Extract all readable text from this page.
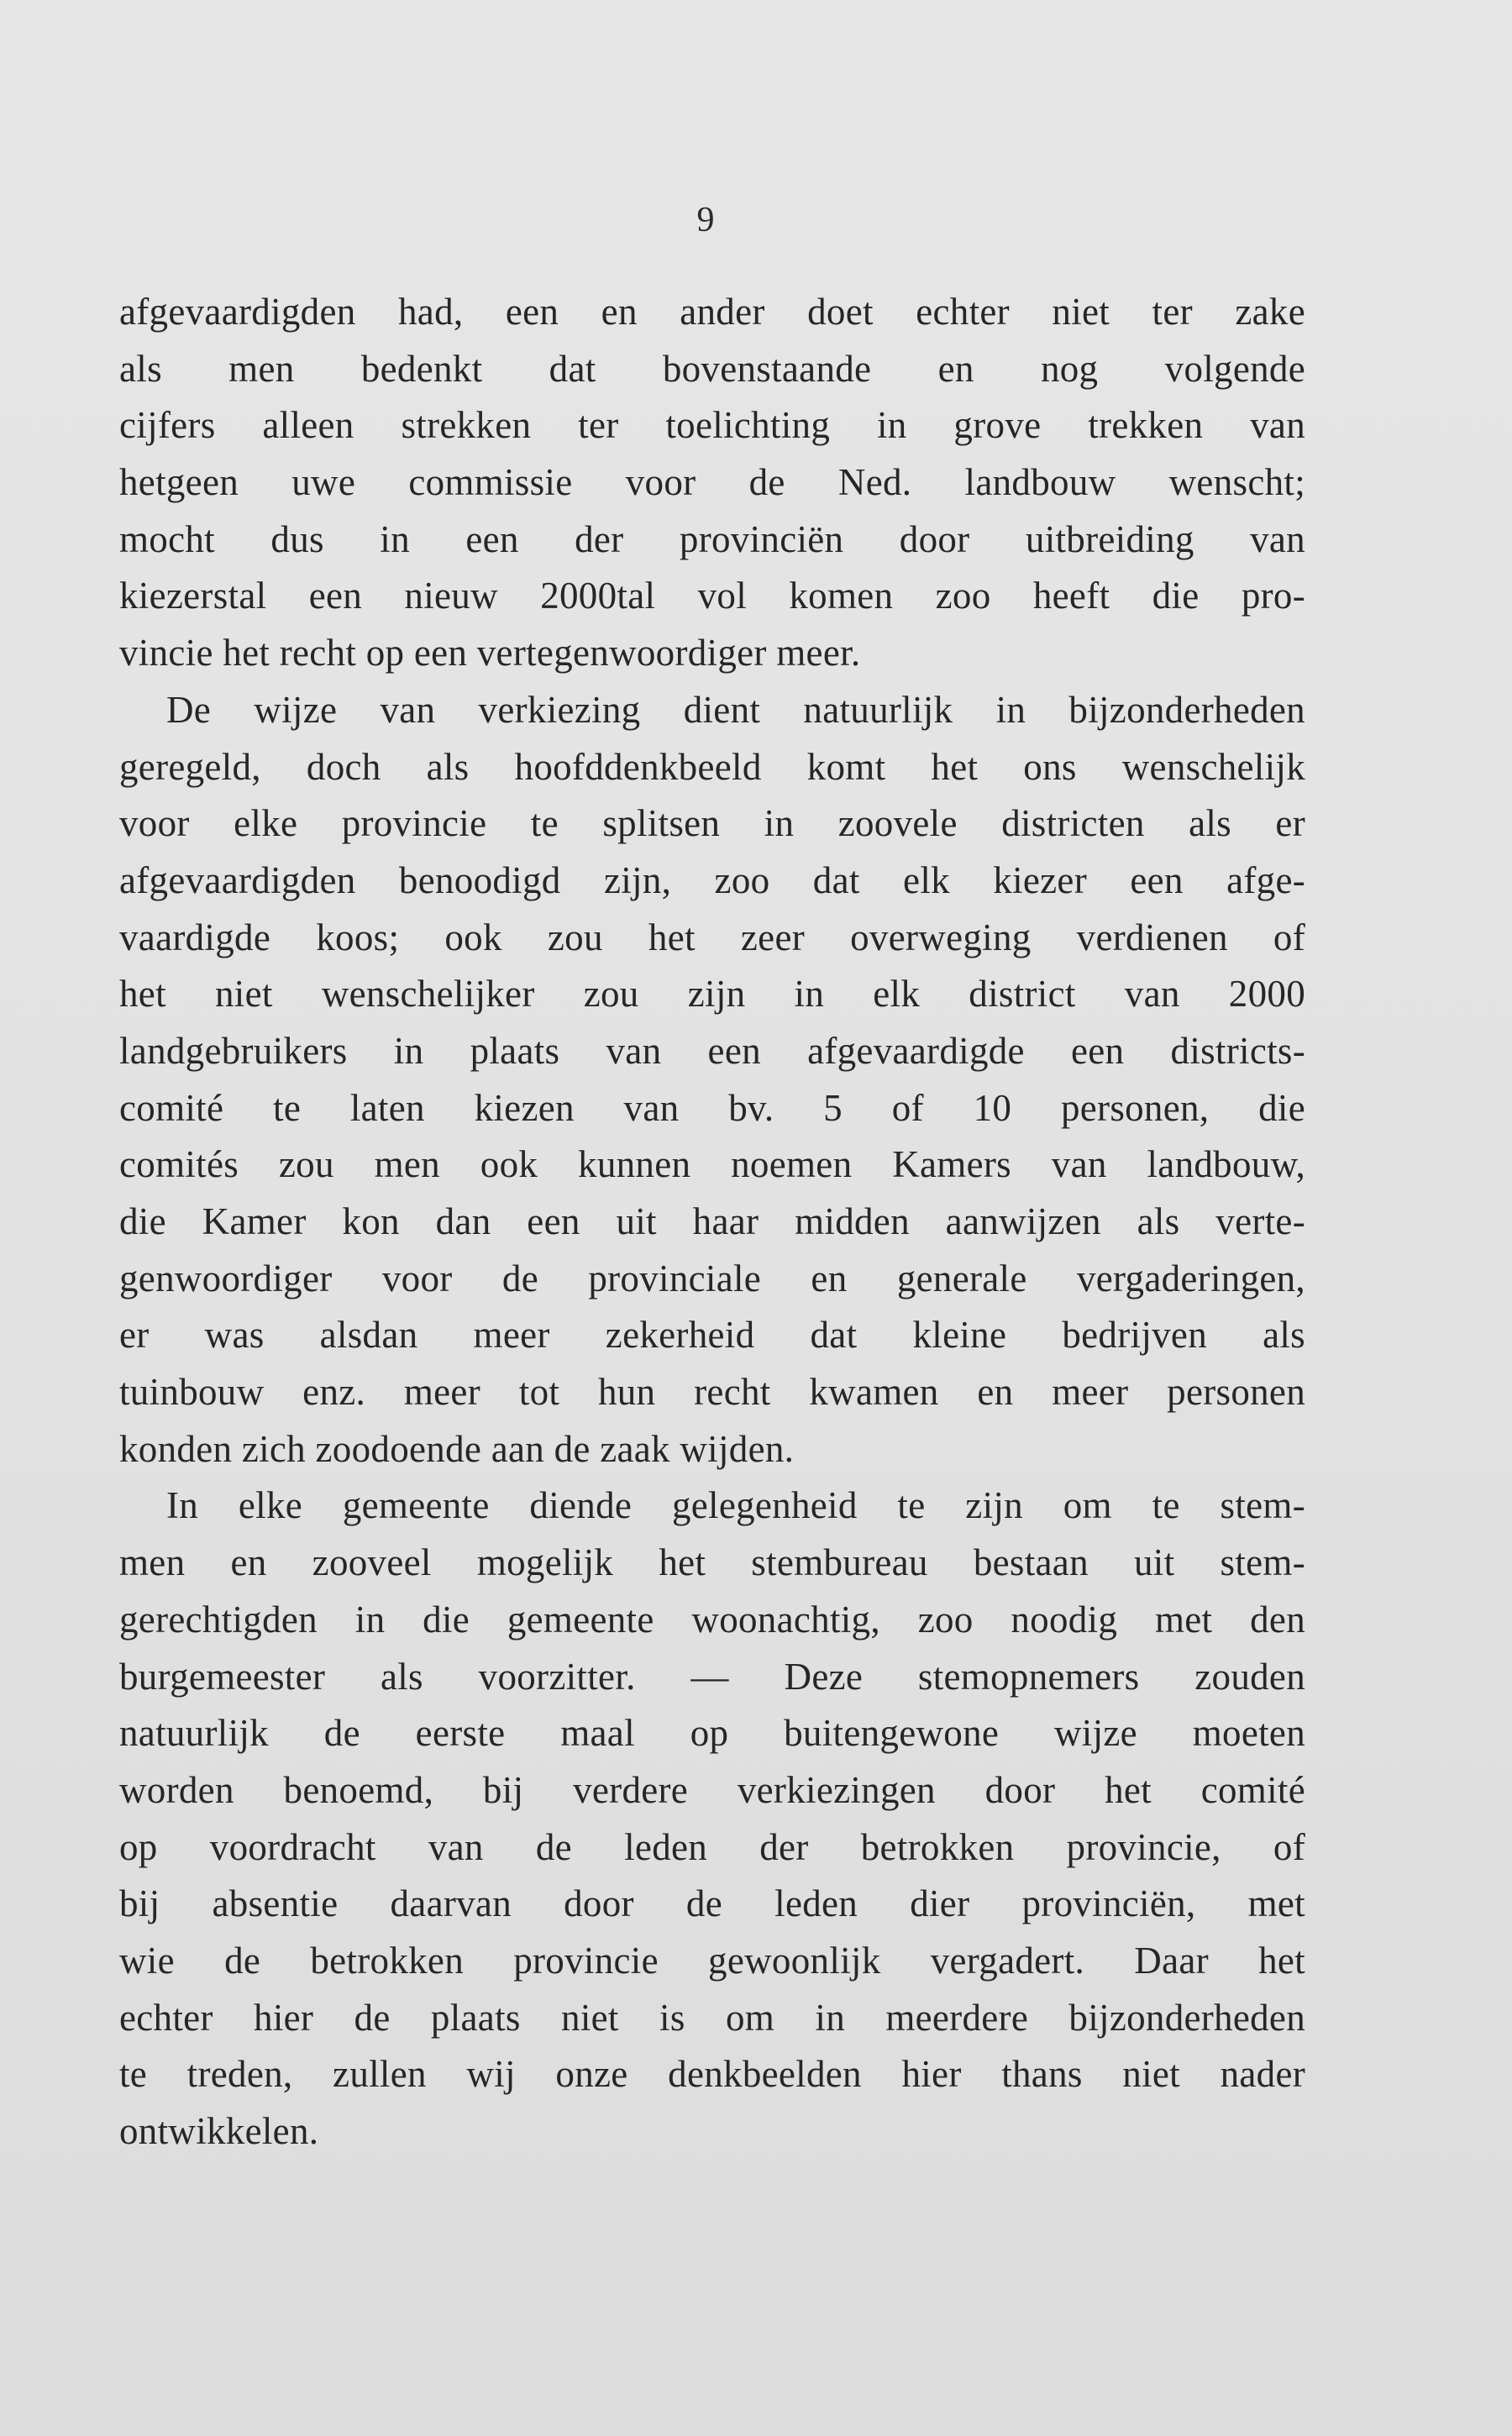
9
afgevaardigden had, een en ander doet echter niet ter zake
als men bedenkt dat bovenstaande en nog volgende
cijfers alleen strekken ter toelichting in grove trekken van
hetgeen uwe commissie voor de Ned. landbouw wenscht;
mocht dus in een der provinciën door uitbreiding van
kiezerstal een nieuw 2000tal vol komen zoo heeft die pro-
vincie het recht op een vertegenwoordiger meer.
De wijze van verkiezing dient natuurlijk in bijzonderheden
geregeld, doch als hoofddenkbeeld komt het ons wenschelijk
voor elke provincie te splitsen in zoovele districten als er
afgevaardigden benoodigd zijn, zoo dat elk kiezer een afge-
vaardigde koos; ook zou het zeer overweging verdienen of
het niet wenschelijker zou zijn in elk district van 2000
landgebruikers in plaats van een afgevaardigde een districts-
comité te laten kiezen van bv. 5 of 10 personen, die
comités zou men ook kunnen noemen Kamers van landbouw,
die Kamer kon dan een uit haar midden aanwijzen als verte-
genwoordiger voor de provinciale en generale vergaderingen,
er was alsdan meer zekerheid dat kleine bedrijven als
tuinbouw enz. meer tot hun recht kwamen en meer personen
konden zich zoodoende aan de zaak wijden.
In elke gemeente diende gelegenheid te zijn om te stem-
men en zooveel mogelijk het stembureau bestaan uit stem-
gerechtigden in die gemeente woonachtig, zoo noodig met den
burgemeester als voorzitter. — Deze stemopnemers zouden
natuurlijk de eerste maal op buitengewone wijze moeten
worden benoemd, bij verdere verkiezingen door het comité
op voordracht van de leden der betrokken provincie, of
bij absentie daarvan door de leden dier provinciën, met
wie de betrokken provincie gewoonlijk vergadert. Daar het
echter hier de plaats niet is om in meerdere bijzonderheden
te treden, zullen wij onze denkbeelden hier thans niet nader
ontwikkelen.
